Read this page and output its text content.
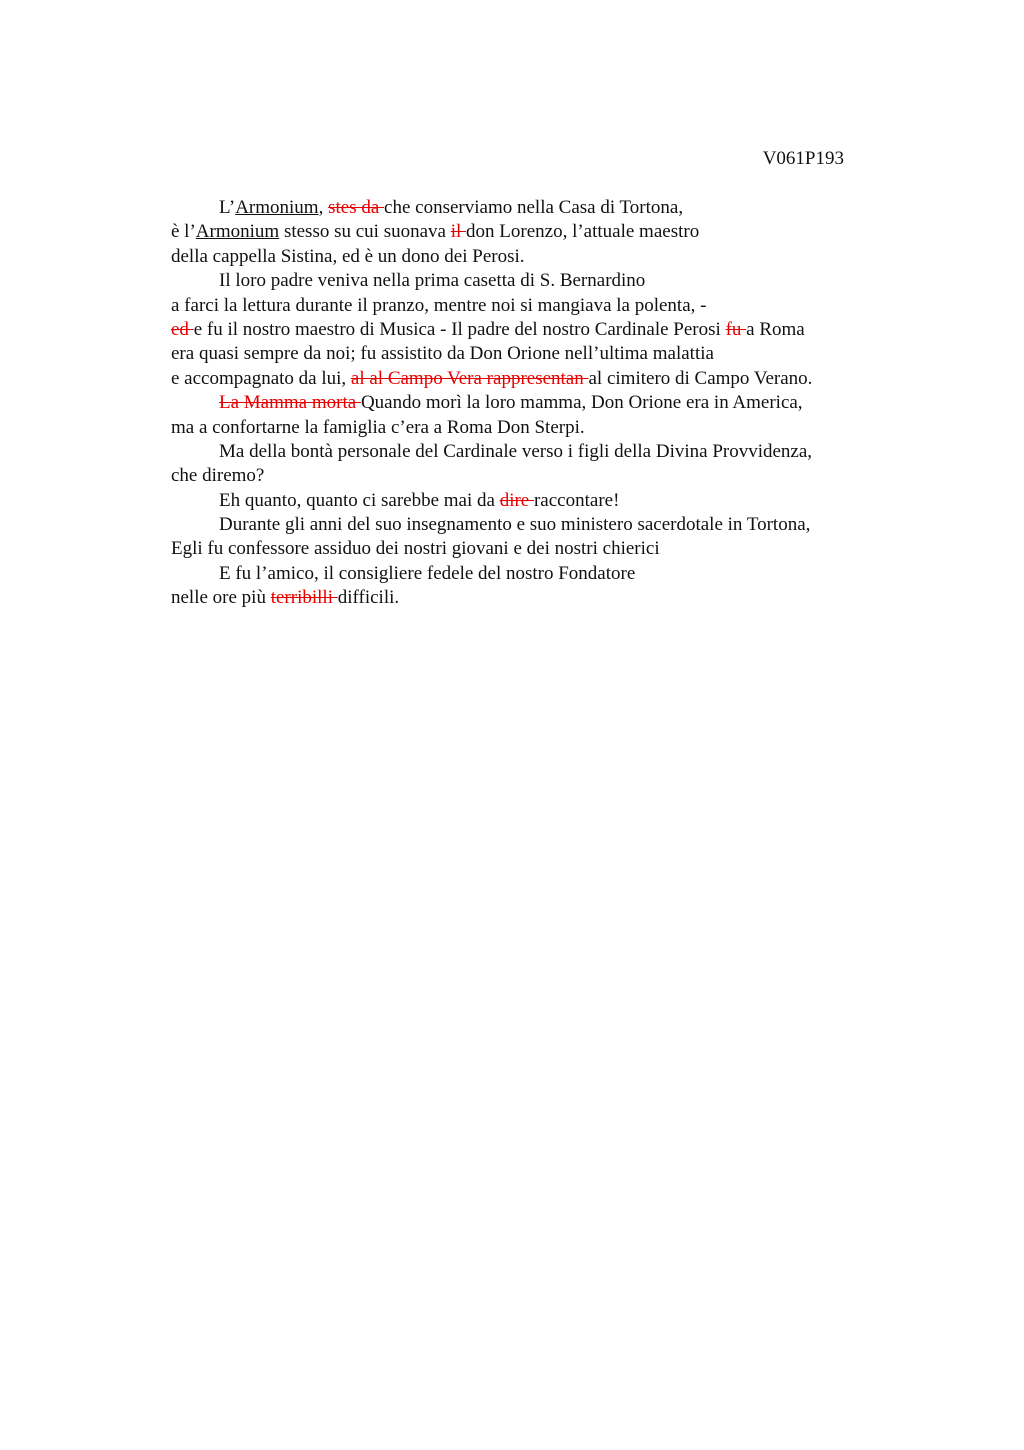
V061P193
L’Armonium, stes da che conserviamo nella Casa di Tortona,
è l’Armonium stesso su cui suonava il don Lorenzo, l’attuale maestro
della cappella Sistina, ed è un dono dei Perosi.
Il loro padre veniva nella prima casetta di S. Bernardino
a farci la lettura durante il pranzo, mentre noi si mangiava la polenta, -
ed e fu il nostro maestro di Musica - Il padre del nostro Cardinale Perosi fu a Roma
era quasi sempre da noi; fu assistito da Don Orione nell’ultima malattia
e accompagnato da lui, al al Campo Vera rappresentan al cimitero di Campo Verano.
La Mamma morta Quando morì la loro mamma, Don Orione era in America,
ma a confortarne la famiglia c’era a Roma Don Sterpi.
Ma della bontà personale del Cardinale verso i figli della Divina Provvidenza,
che diremo?
Eh quanto, quanto ci sarebbe mai da dire raccontare!
Durante gli anni del suo insegnamento e suo ministero sacerdotale in Tortona,
Egli fu confessore assiduo dei nostri giovani e dei nostri chierici
E fu l’amico, il consigliere fedele del nostro Fondatore
nelle ore più terribilli difficili.
